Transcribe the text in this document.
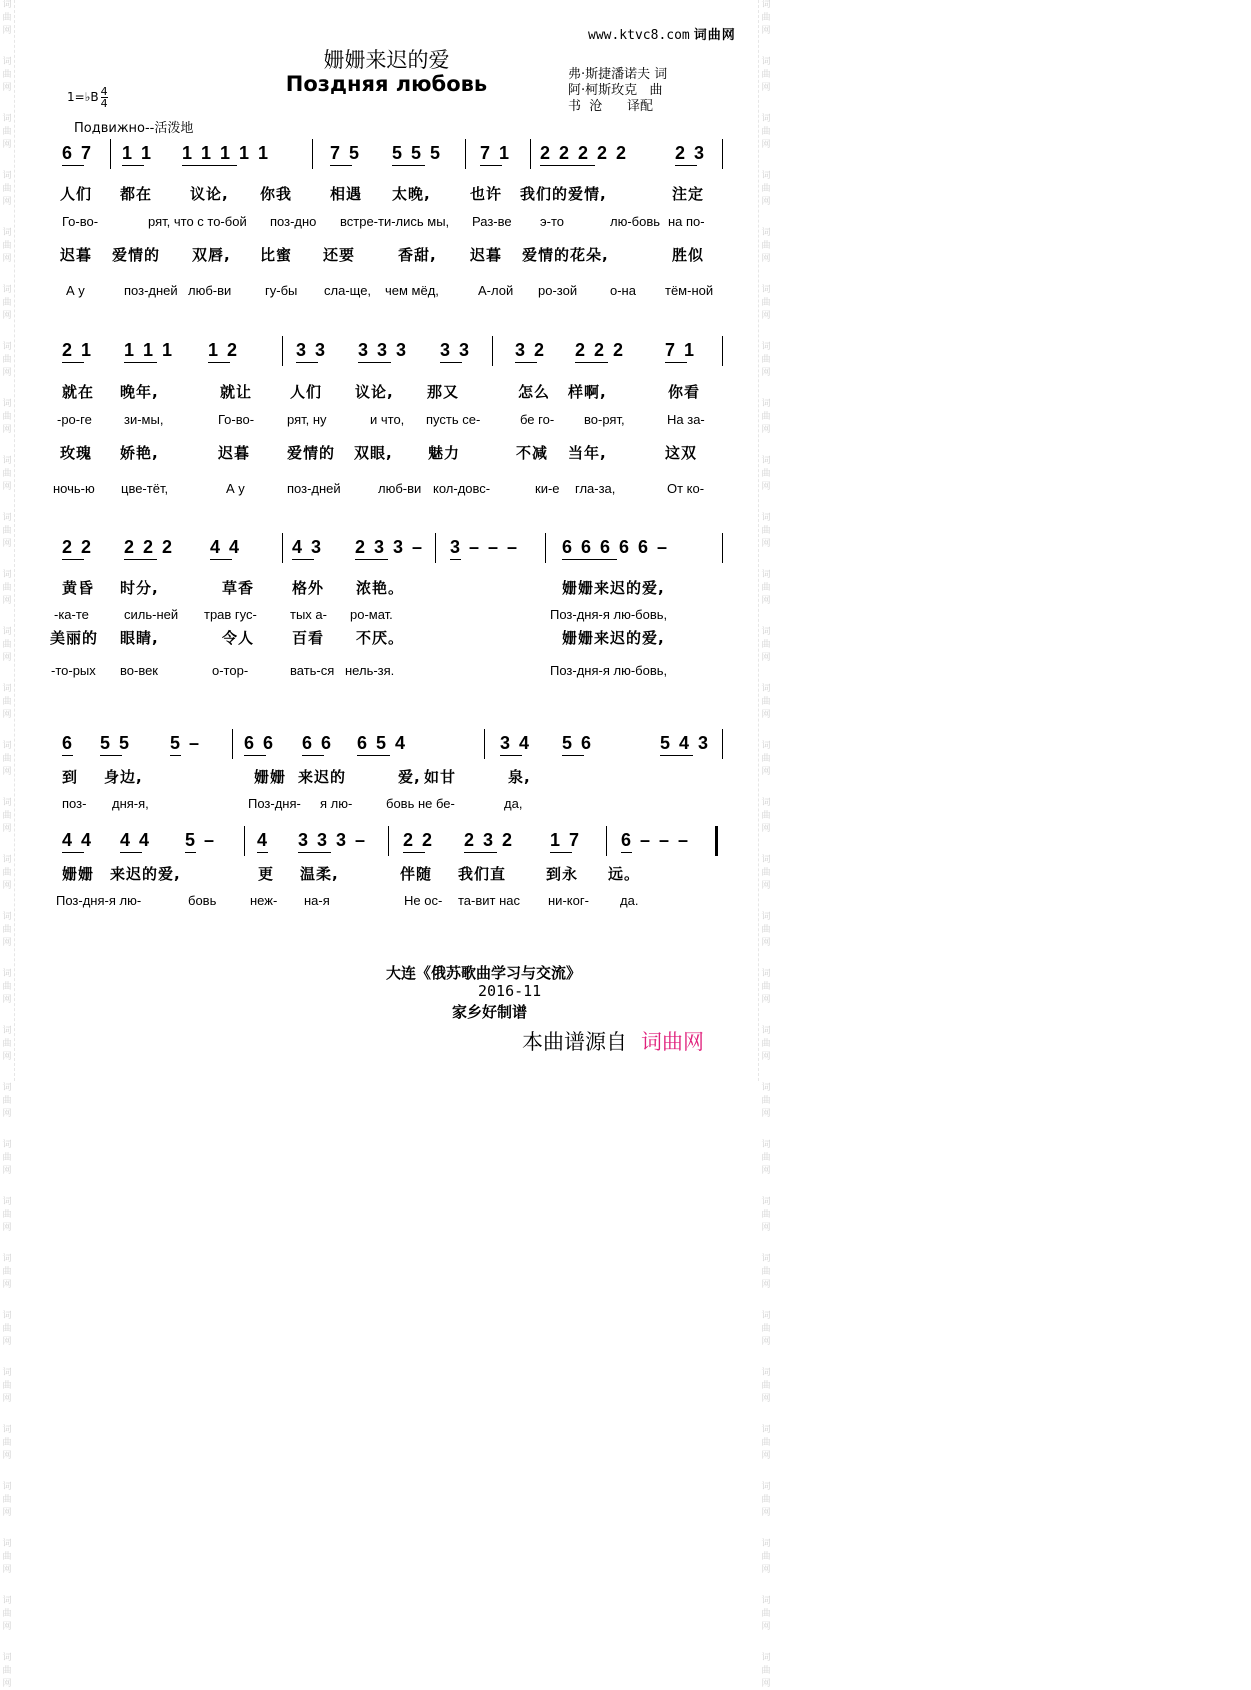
词
曲
网
词
曲
网
词
曲
网
词
曲
网
词
曲
网
词
曲
网
词
曲
网
词
曲
网
词
曲
网
词
曲
网
词
曲
网
词
曲
网
词
曲
网
词
曲
网
词
曲
网
词
曲
网
词
曲
网
词
曲
网
词
曲
网
词
曲
网
词
曲
网
词
曲
网
词
曲
网
词
曲
网
词
曲
网
词
曲
网
词
曲
网
词
曲
网
词
曲
网
词
曲
网
词
曲
网
词
曲
网
词
曲
网
词
曲
网
词
曲
网
词
曲
网
词
曲
网
词
曲
网
词
曲
网
词
曲
网
词
曲
网
词
曲
网
词
曲
网
词
曲
网
词
曲
网
词
曲
网
词
曲
网
词
曲
网
词
曲
网
词
曲
网
词
曲
网
词
曲
网
词
曲
网
词
曲
网
词
曲
网
词
曲
网
词
曲
网
词
曲
网
词
曲
网
词
曲
网
www.ktvc8.com 词曲网
姗姗来迟的爱
Поздняя любовь	弗·斯捷潘诺夫 词
阿·柯斯玫克   曲
书  沧      译配
1=♭B $\frac{4}{4}$
Подвижно--活泼地
6 7 1 1 1 1 1 1 1	7 5 5 5 5 7 1 2 2 2 2 2	2 3
人们 都在	议论, 你我	相遇 太晚,	也许 我们的爱情,	注定
Го-во-	рят, что с то-бой поз-дно встре-ти-лись мы, Раз-ве э-то	лю-бовь на по-
迟暮 爱情的 双唇, 比蜜 还要	香甜, 迟暮 爱情的花朵,	胜似
А у	поз-дней люб-ви	гу-бы сла-ще, чем мёд,	А-лой ро-зой	о-на тём-ной
2 1 1 1 1 1 2	3 3 3 3 3 3 3 3 2 2 2 2 7 1
就在 晚年,	就让	人们 议论, 那又	怎么 样啊,	你看
-ро-ге зи-мы,	Го-во-	рят, ну	и что, пусть се-	бе го- во-рят,	На за-
玫瑰 娇艳,	迟暮 爱情的 双眼, 魅力	不减 当年,	这双
ночь-ю цве-тёт,	А у	поз-дней	люб-ви кол-довс-	ки-е гла-за,	От ко-
2 2 2 2 2 4 4	4 3 2 3 3 – 3 – – – 6 6 6 6 6 –
黄昏 时分,	草香	格外 浓艳。	姗姗来迟的爱,
-ка-те	силь-ней трав гус-	тых а- ро-мат.	Поз-дня-я лю-бовь,
美丽的 眼睛,	令人	百看 不厌。	姗姗来迟的爱,
-то-рых во-век	о-тор-	вать-ся нель-зя.	Поз-дня-я лю-бовь,
6 5 5 5 – 6 6 6 6 6 5 4	3 4 5 6	5 4 3
到 身边,	姗姗 来迟的	爱, 如甘	泉,
поз- дня-я,	Поз-дня- я лю-	бовь не бе-	да,
4 4 4 4 5 – 4 3 3 3 – 2 2 2 3 2 1 7 6 – – –
姗姗 来迟的爱,	更 温柔,	伴随 我们直	到永 远。
Поз-дня-я лю-	бовь	неж- на-я	Не ос- та-вит нас ни-ког- да.
大连《俄苏歌曲学习与交流》
2016-11
家乡好制谱
本曲谱源自 词曲网
